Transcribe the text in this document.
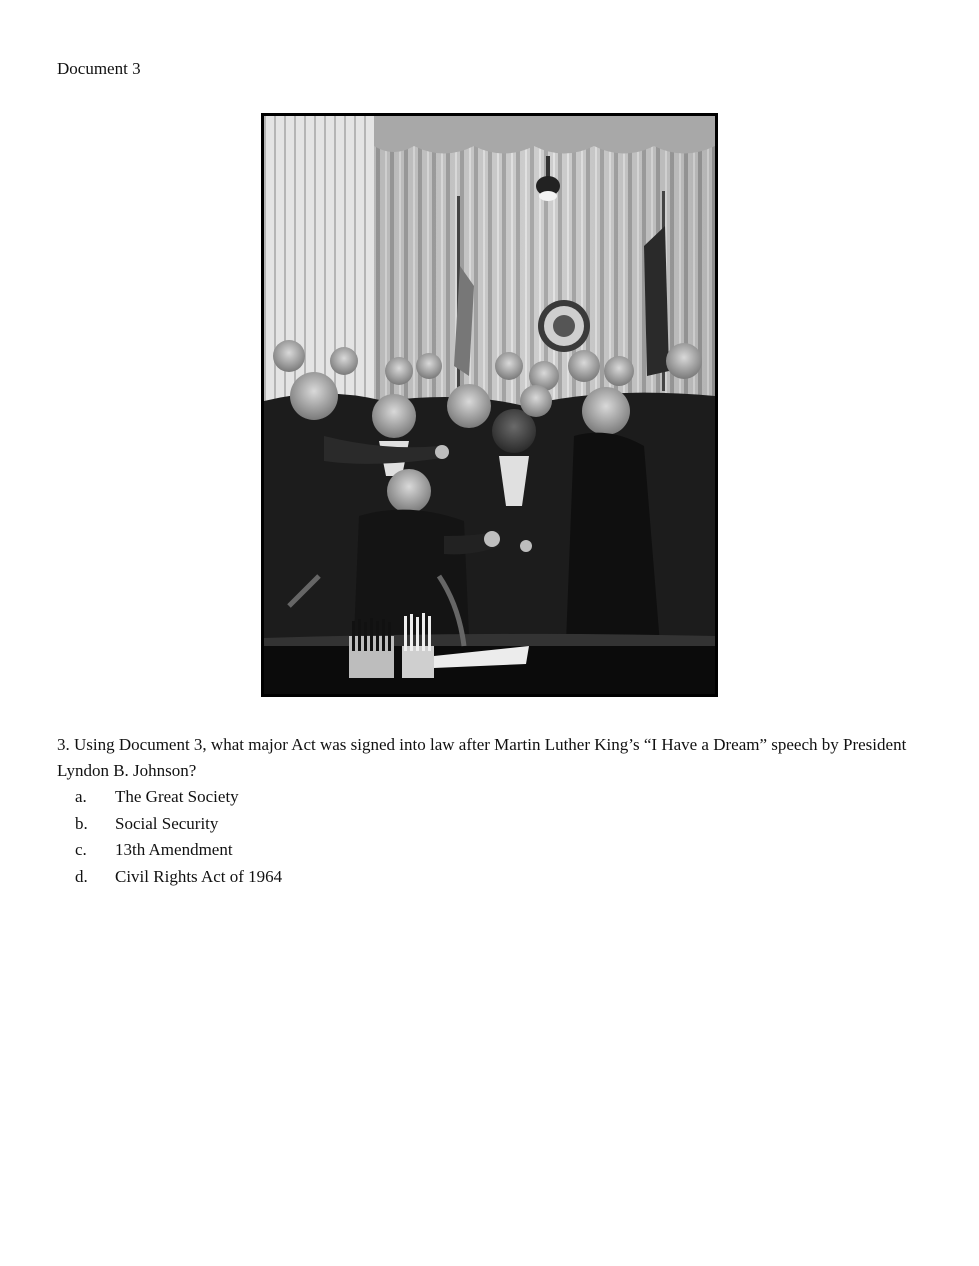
Document 3

3. Using Document 3, what major Act was signed into law after Martin Luther King’s “I Have a Dream” speech by President Lyndon B. Johnson?

a.	The Great Society
b.	Social Security
c.	13th Amendment
d.	Civil Rights Act of 1964
